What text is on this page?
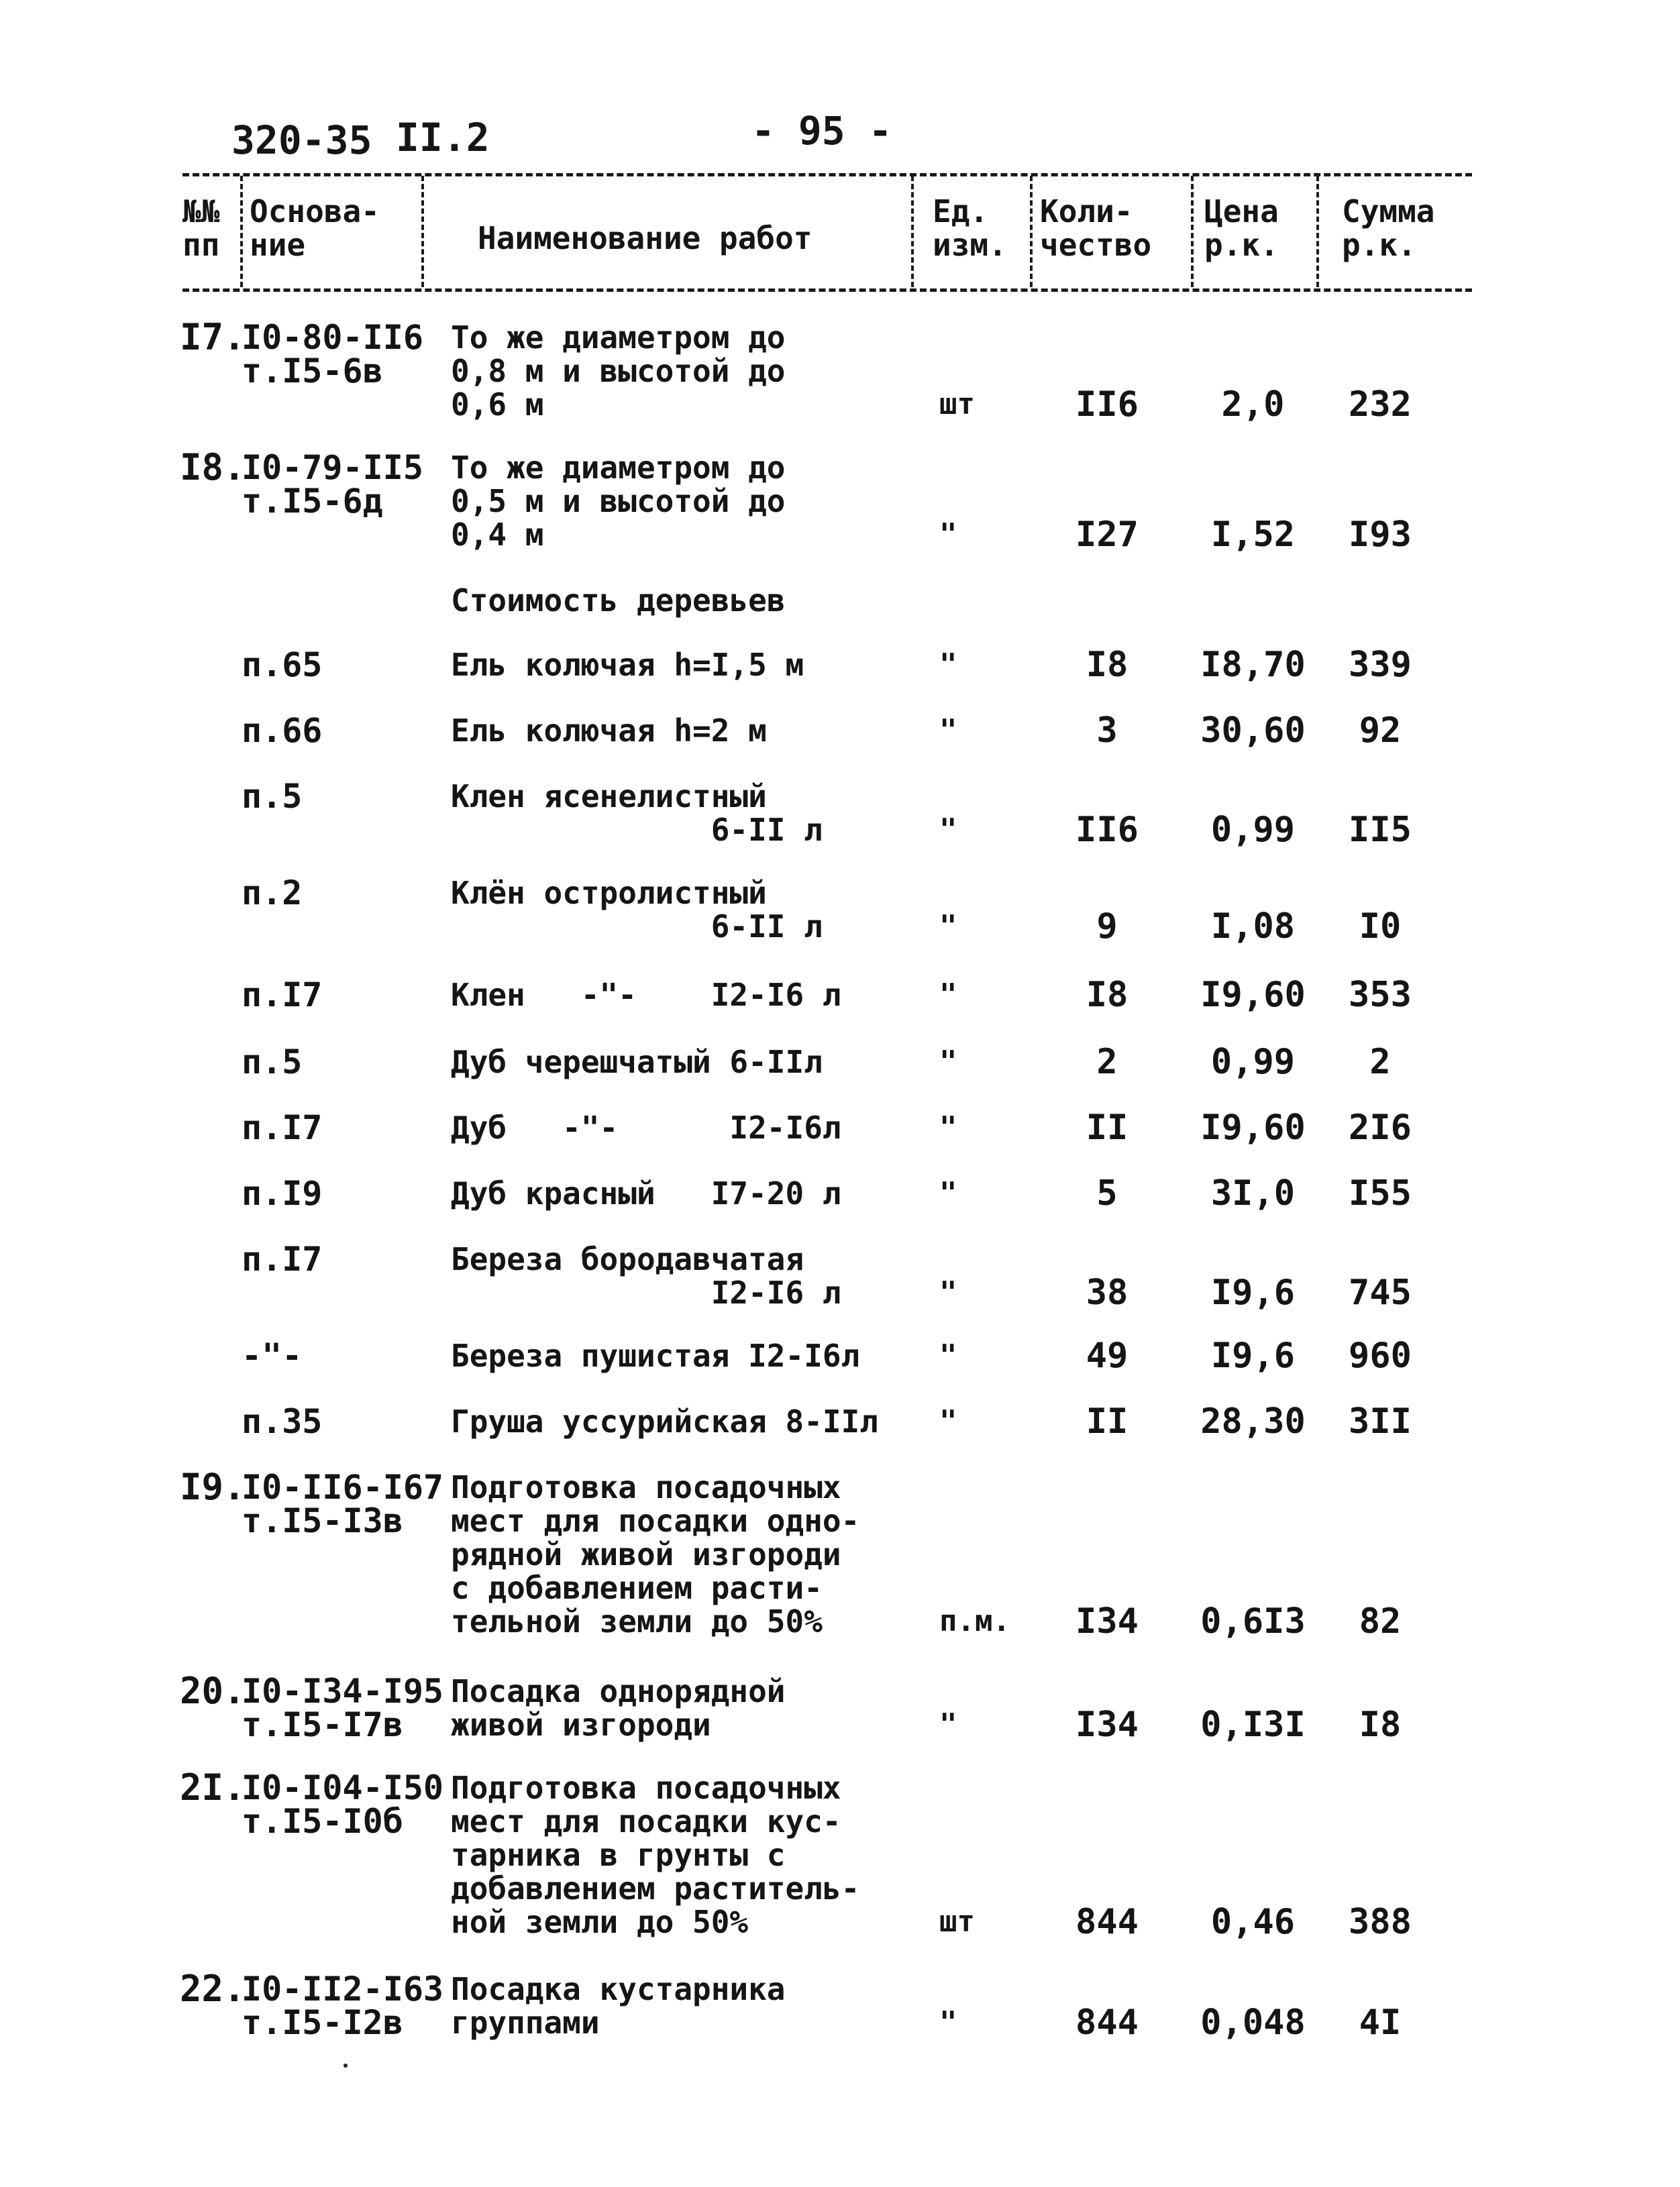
320-35 II.2	- 95 -
№№
пп
Основа-
ние	Наименование работ
Ед.
изм.
Коли-
чество
Цена
р.к.
Сумма
р.к.
I7.
I0-80-II6
т.I5-6в
То же диаметром до
0,8 м и высотой до
0,6 м	шт	II6	2,0	232
I8.
I0-79-II5
т.I5-6д
То же диаметром до
0,5 м и высотой до
0,4 м	"	I27	I,52	I93
Стоимость деревьев
п.65	Ель колючая h=I,5 м	"	I8	I8,70	339
п.66	Ель колючая h=2 м	"	3	30,60	92
п.5	Клен ясенелистный
6-II л	"	II6	0,99	II5
п.2	Клён остролистный
6-II л	"	9	I,08	I0
п.I7	Клен   -"-    I2-I6 л	"	I8	I9,60	353
п.5	Дуб черешчатый 6-IIл	"	2	0,99	2
п.I7	Дуб   -"-      I2-I6л	"	II	I9,60	2I6
п.I9	Дуб красный   I7-20 л	"	5	3I,0	I55
п.I7	Береза бородавчатая
I2-I6 л	"	38	I9,6	745
-"-	Береза пушистая I2-I6л	"	49	I9,6	960
п.35	Груша уссурийская 8-IIл "	II	28,30	3II
I9.
I0-II6-I67
т.I5-I3в
Подготовка посадочных
мест для посадки одно-
рядной живой изгороди
с добавлением расти-
тельной земли до 50%	п.м.	I34	0,6I3	82
20.
I0-I34-I95
т.I5-I7в
Посадка однорядной
живой изгороди	"	I34	0,I3I	I8
2I.
I0-I04-I50
т.I5-I0б
Подготовка посадочных
мест для посадки кус-
тарника в грунты с
добавлением раститель-
ной земли до 50%	шт	844	0,46	388
22.
I0-II2-I63
т.I5-I2в
Посадка кустарника
группами	"	844	0,048	4I
